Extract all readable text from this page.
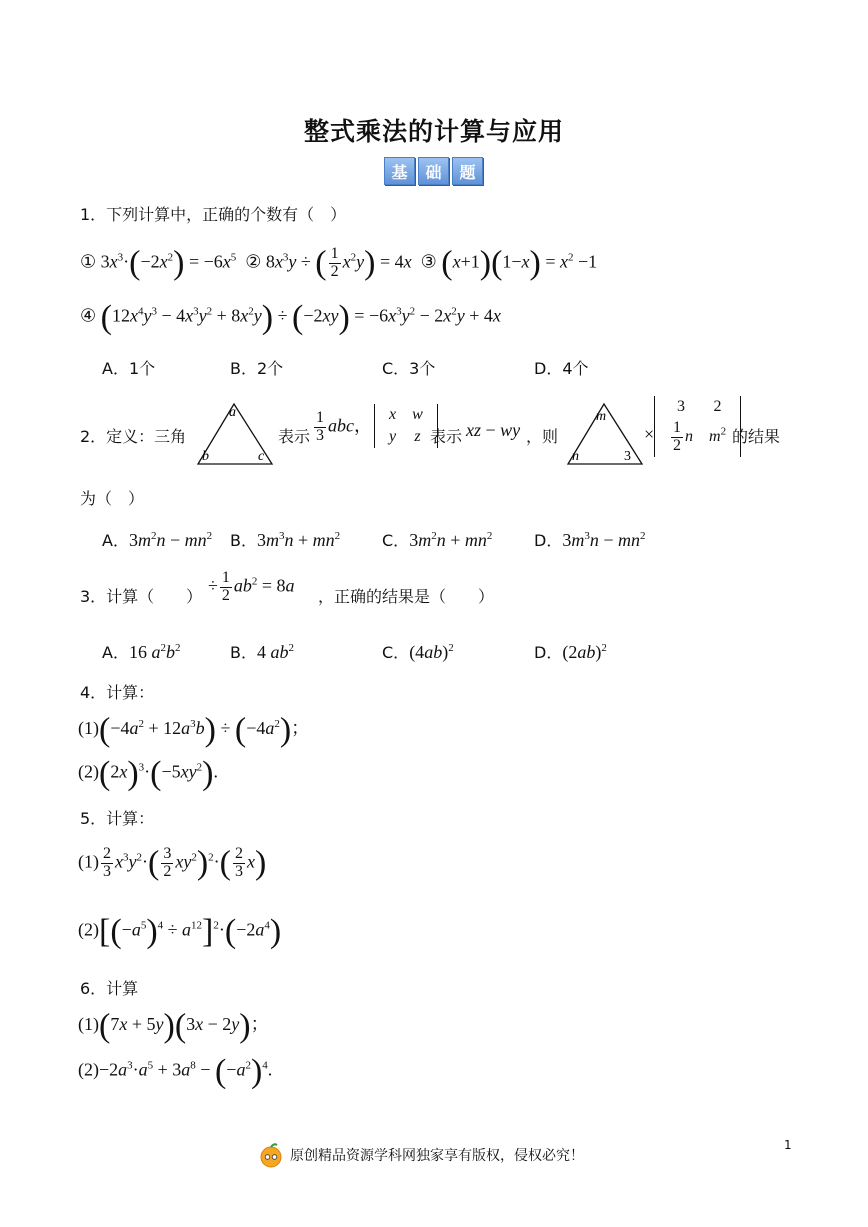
整式乘法的计算与应用
基	础	题
1．下列计算中，正确的个数有（　）
① $3x^3\cdot(-2x^2) = -6x^5$  ② $8x^3y$ ÷ ( $\frac{1}{2} x^2y) = 4x$  ③ $(x+1)(1-x) = x^2 -1$
④ $(12x^4y^3 - 4x^3y^2 + 8x^2y) \div (-2xy) = -6x^3y^2 - 2x^2y + 4x$
A．1个	B．2个	C．3个	D．4个
2．定义：三角
a
b	c
表示 $\frac{1}{3}$ abc，
x	w
y	z 表示 xz − wy ，则
m
n	3
×
3	2

$\frac{1}{2}$ n	$m^2$ 的结果
为（　）
A．$3m^2n - mn^2$ B．$3m^3n + mn^2$	C．$3m^2n + mn^2$	D．$3m^3n - mn^2$
3．计算（　　）
÷ $\frac{1}{2} ab^2 = 8a$
，正确的结果是（　　）
A．16 $a^2b^2$	B．4 $ab^2$	C．$(4ab)^2$	D．$(2ab)^2$
4．计算：
$(1)(-4a^2 + 12a^3b) \div (-4a^2)$；
$(2)(2x)^3\cdot(-5xy^2)$.
5．计算：
$(1) \frac{2}{3} x^3y^2\cdot( \frac{3}{2} xy^2)^2\cdot( \frac{2}{3} x)$
$(2)[(-a^5)^4 \div a^{12}]^2\cdot(-2a^4)$
6．计算
(1)(7x + 5y)(3x − 2y)；
$(2)-2a^3\cdot a^5 + 3a^8 - (-a^2)^4$.
原创精品资源学科网独家享有版权，侵权必究！
1
